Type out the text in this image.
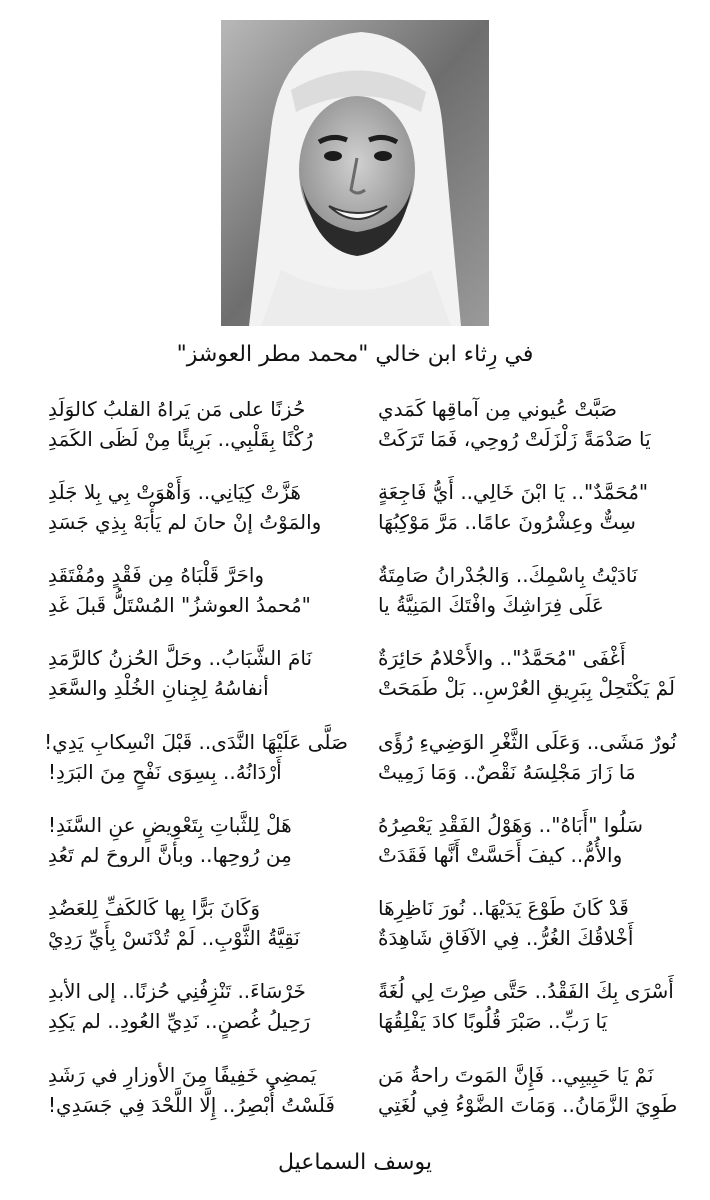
في رِثاء ابن خالي "محمد مطر العوشز"
صَبَّتْ عُيوني مِن آماقِها كَمَدي
يَا صَدْمَةً زَلْزَلَتْ رُوحِي، فَمَا تَرَكَتْ
حُزنًا على مَن يَراهُ القلبُ كالوَلَدِ
رُكْنًا بِقَلْبِي.. بَرِيئًا مِنْ لَظَى الكَمَدِ
"مُحَمَّدٌ".. يَا ابْنَ خَالِي.. أَيُّ فَاجِعَةٍ
سِتٌّ وعِشْرُونَ عامًا.. مَرَّ مَوْكِبُهَا
هَزَّتْ كِيَانِي.. وَأَهْوَتْ بِي بِلا جَلَدِ
والمَوْتُ إنْ حانَ لم يَأْبَهْ بِذِي جَسَدِ
نَادَيْتُ بِاسْمِكَ.. وَالجُدْرانُ صَامِتَةٌ
عَلَى فِرَاشِكَ وافْتَكَ المَنِيَّةُ يا
واحَرَّ قَلْبَاهُ مِن فَقْدٍ ومُفْتَقَدِ
"مُحمدُ العوشزُ" المُسْتَلُّ قَبلَ غَدِ
أَغْفَى "مُحَمَّدُ".. والأَحْلامُ حَائِرَةٌ
لَمْ يَكْتَحِلْ بِبَرِيقِ العُرْسِ.. بَلْ طَمَحَتْ
نَامَ الشَّبَابُ.. وحَلَّ الحُزنُ كالرَّمَدِ
أنفاسُهُ لِجِنانِ الخُلْدِ والسَّعَدِ
نُورٌ مَشَى.. وَعَلَى الثَّغْرِ الوَضِيءِ رُؤًى
مَا زَارَ مَجْلِسَهُ نَقْصٌ.. وَمَا زَمِيتْ
صَلَّى عَلَيْهَا النَّدَى.. قَبْلَ انْسِكابِ يَدِي!
أَرْدَانُهُ.. بِسِوَى نَفْحٍ مِنَ البَرَدِ!
سَلُوا "أَبَاهُ".. وَهَوْلُ الفَقْدِ يَعْصِرُهُ
والأُمُّ.. كيفَ أَحَسَّتْ أَنَّها فَقَدَتْ
هَلْ لِلثَّباتِ بِتَعْوِيضٍ عنِ السَّنَدِ!
مِن رُوحِها.. وبأنَّ الروحَ لم تَعُدِ
قَدْ كَانَ طَوْعَ يَدَيْهَا.. نُورَ نَاظِرِهَا
أَخْلاقُكَ الغُرُّ.. فِي الآفَاقِ شَاهِدَةٌ
وَكَانَ بَرًّا بِها كَالكَفِّ لِلعَضُدِ
نَقِيَّةُ الثَّوْبِ.. لَمْ تُدْنَسْ بِأَيِّ رَدِيْ
أَسْرَى بِكَ الفَقْدُ.. حَتَّى صِرْتَ لِي لُغَةً
يَا رَبِّ.. صَبْرَ قُلُوبًا كادَ يَفْلِقُهَا
خَرْسَاءَ.. تَنْزِفُنِي حُزنًا.. إلى الأبدِ
رَحِيلُ غُصنٍ.. نَدِيِّ العُودِ.. لم يَكِدِ
نَمْ يَا حَبِيبِي.. فَإِنَّ المَوتَ راحةُ مَن
طَوِيَ الزَّمَانُ.. وَمَاتَ الضَّوْءُ فِي لُغَتِي
يَمضِي خَفِيفًا مِنَ الأوزارِ في رَشَدِ
فَلَسْتُ أُبْصِرُ.. إِلَّا اللَّحْدَ فِي جَسَدِي!
يوسف السماعيل
